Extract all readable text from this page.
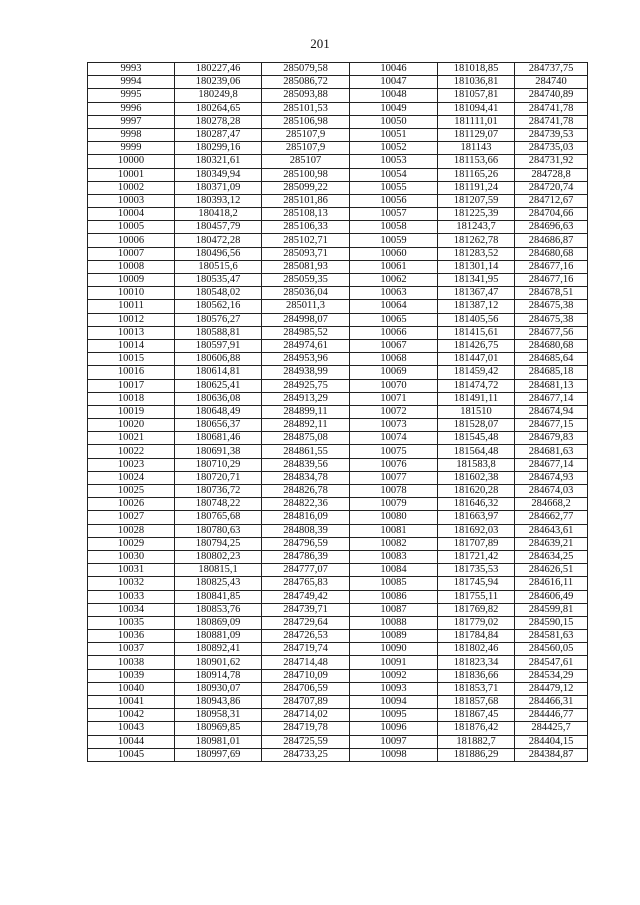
201
9993	180227,46	285079,58	10046	181018,85	284737,75
9994	180239,06	285086,72	10047	181036,81	284740
9995	180249,8	285093,88	10048	181057,81	284740,89
9996	180264,65	285101,53	10049	181094,41	284741,78
9997	180278,28	285106,98	10050	181111,01	284741,78
9998	180287,47	285107,9	10051	181129,07	284739,53
9999	180299,16	285107,9	10052	181143	284735,03
10000	180321,61	285107	10053	181153,66	284731,92
10001	180349,94	285100,98	10054	181165,26	284728,8
10002	180371,09	285099,22	10055	181191,24	284720,74
10003	180393,12	285101,86	10056	181207,59	284712,67
10004	180418,2	285108,13	10057	181225,39	284704,66
10005	180457,79	285106,33	10058	181243,7	284696,63
10006	180472,28	285102,71	10059	181262,78	284686,87
10007	180496,56	285093,71	10060	181283,52	284680,68
10008	180515,6	285081,93	10061	181301,14	284677,16
10009	180535,47	285059,35	10062	181341,95	284677,16
10010	180548,02	285036,04	10063	181367,47	284678,51
10011	180562,16	285011,3	10064	181387,12	284675,38
10012	180576,27	284998,07	10065	181405,56	284675,38
10013	180588,81	284985,52	10066	181415,61	284677,56
10014	180597,91	284974,61	10067	181426,75	284680,68
10015	180606,88	284953,96	10068	181447,01	284685,64
10016	180614,81	284938,99	10069	181459,42	284685,18
10017	180625,41	284925,75	10070	181474,72	284681,13
10018	180636,08	284913,29	10071	181491,11	284677,14
10019	180648,49	284899,11	10072	181510	284674,94
10020	180656,37	284892,11	10073	181528,07	284677,15
10021	180681,46	284875,08	10074	181545,48	284679,83
10022	180691,38	284861,55	10075	181564,48	284681,63
10023	180710,29	284839,56	10076	181583,8	284677,14
10024	180720,71	284834,78	10077	181602,38	284674,93
10025	180736,72	284826,78	10078	181620,28	284674,03
10026	180748,22	284822,36	10079	181646,32	284668,2
10027	180765,68	284816,09	10080	181663,97	284662,77
10028	180780,63	284808,39	10081	181692,03	284643,61
10029	180794,25	284796,59	10082	181707,89	284639,21
10030	180802,23	284786,39	10083	181721,42	284634,25
10031	180815,1	284777,07	10084	181735,53	284626,51
10032	180825,43	284765,83	10085	181745,94	284616,11
10033	180841,85	284749,42	10086	181755,11	284606,49
10034	180853,76	284739,71	10087	181769,82	284599,81
10035	180869,09	284729,64	10088	181779,02	284590,15
10036	180881,09	284726,53	10089	181784,84	284581,63
10037	180892,41	284719,74	10090	181802,46	284560,05
10038	180901,62	284714,48	10091	181823,34	284547,61
10039	180914,78	284710,09	10092	181836,66	284534,29
10040	180930,07	284706,59	10093	181853,71	284479,12
10041	180943,86	284707,89	10094	181857,68	284466,31
10042	180958,31	284714,02	10095	181867,45	284446,77
10043	180969,85	284719,78	10096	181876,42	284425,7
10044	180981,01	284725,59	10097	181882,7	284404,15
10045	180997,69	284733,25	10098	181886,29	284384,87
